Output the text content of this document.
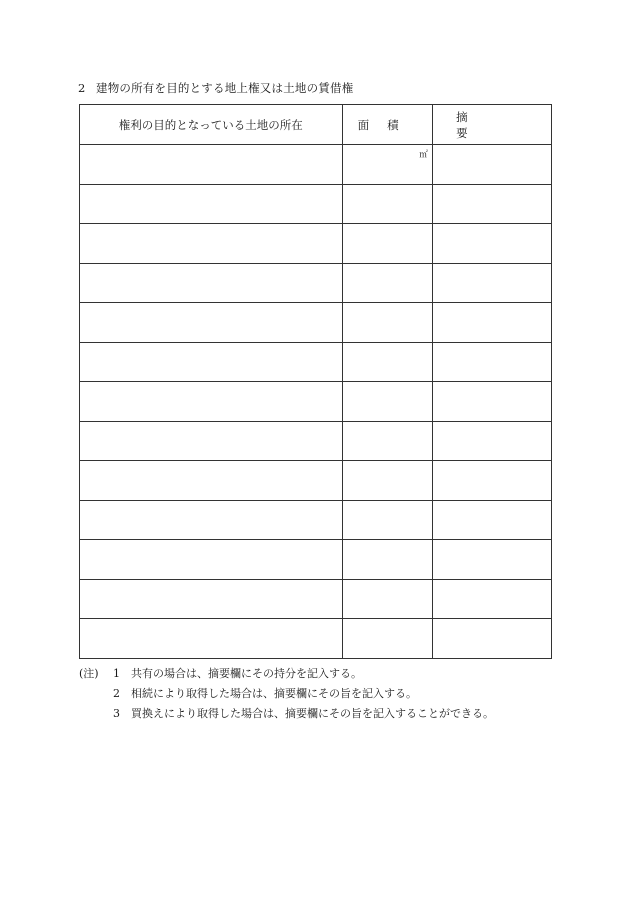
2 建物の所有を目的とする地上権又は土地の賃借権
権利の目的となっている土地の所在	面積	摘要

	㎡	

(注)	1	共有の場合は、摘要欄にその持分を記入する。
2	相続により取得した場合は、摘要欄にその旨を記入する。
3	買換えにより取得した場合は、摘要欄にその旨を記入することができる。
